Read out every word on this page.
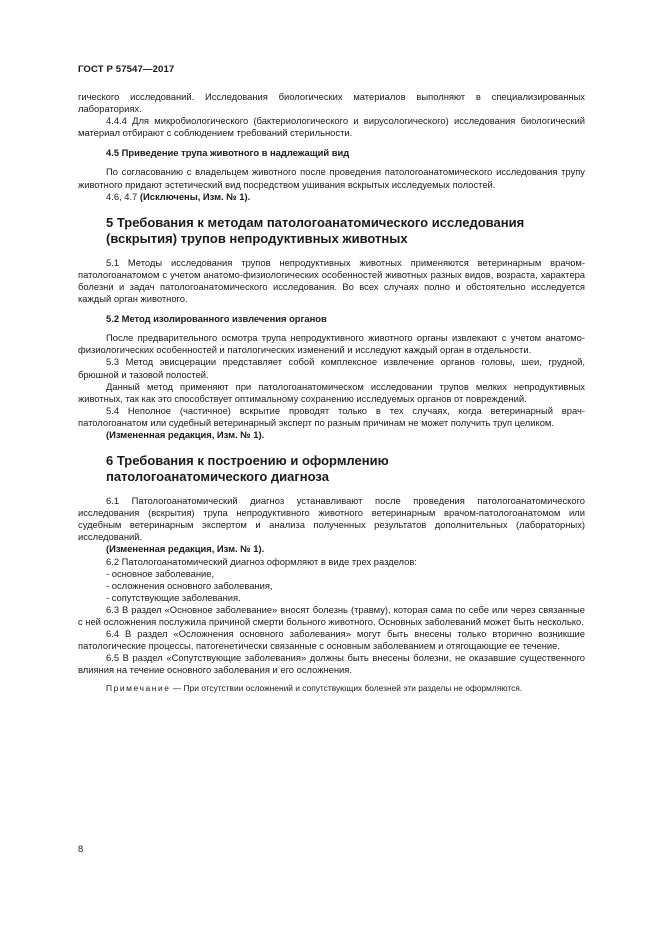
ГОСТ Р 57547—2017

гического исследований. Исследования биологических материалов выполняют в специализированных лабораториях.

4.4.4 Для микробиологического (бактериологического и вирусологического) исследования биологический материал отбирают с соблюдением требований стерильности.

4.5 Приведение трупа животного в надлежащий вид

По согласованию с владельцем животного после проведения патологоанатомического исследования трупу животного придают эстетический вид посредством ушивания вскрытых исследуемых полостей.

4.6, 4.7 (Исключены, Изм. № 1).

5 Требования к методам патологоанатомического исследования
(вскрытия) трупов непродуктивных животных

5.1 Методы исследования трупов непродуктивных животных применяются ветеринарным врачом-патологоанатомом с учетом анатомо-физиологических особенностей животных разных видов, возраста, характера болезни и задач патологоанатомического исследования. Во всех случаях полно и обстоятельно исследуется каждый орган животного.

5.2 Метод изолированного извлечения органов

После предварительного осмотра трупа непродуктивного животного органы извлекают с учетом анатомо-физиологических особенностей и патологических изменений и исследуют каждый орган в отдельности.

5.3 Метод эвисцерации представляет собой комплексное извлечение органов головы, шеи, грудной, брюшной и тазовой полостей.

Данный метод применяют при патологоанатомическом исследовании трупов мелких непродуктивных животных, так как это способствует оптимальному сохранению исследуемых органов от повреждений.

5.4 Неполное (частичное) вскрытие проводят только в тех случаях, когда ветеринарный врач-патологоанатом или судебный ветеринарный эксперт по разным причинам не может получить труп целиком.

(Измененная редакция, Изм. № 1).

6 Требования к построению и оформлению
патологоанатомического диагноза

6.1 Патологоанатомический диагноз устанавливают после проведения патологоанатомического исследования (вскрытия) трупа непродуктивного животного ветеринарным врачом-патологоанатомом или судебным ветеринарным экспертом и анализа полученных результатов дополнительных (лабораторных) исследований.

(Измененная редакция, Изм. № 1).

6.2 Патологоанатомический диагноз оформляют в виде трех разделов:

- основное заболевание,

- осложнения основного заболевания,

- сопутствующие заболевания.

6.3 В раздел «Основное заболевание» вносят болезнь (травму), которая сама по себе или через связанные с ней осложнения послужила причиной смерти больного животного. Основных заболеваний может быть несколько.

6.4 В раздел «Осложнения основного заболевания» могут быть внесены только вторично возникшие патологические процессы, патогенетически связанные с основным заболеванием и отягощающие ее течение.

6.5 В раздел «Сопутствующие заболевания» должны быть внесены болезни, не оказавшие существенного влияния на течение основного заболевания и его осложнения.

Примечание — При отсутствии осложнений и сопутствующих болезней эти разделы не оформляются.

8
